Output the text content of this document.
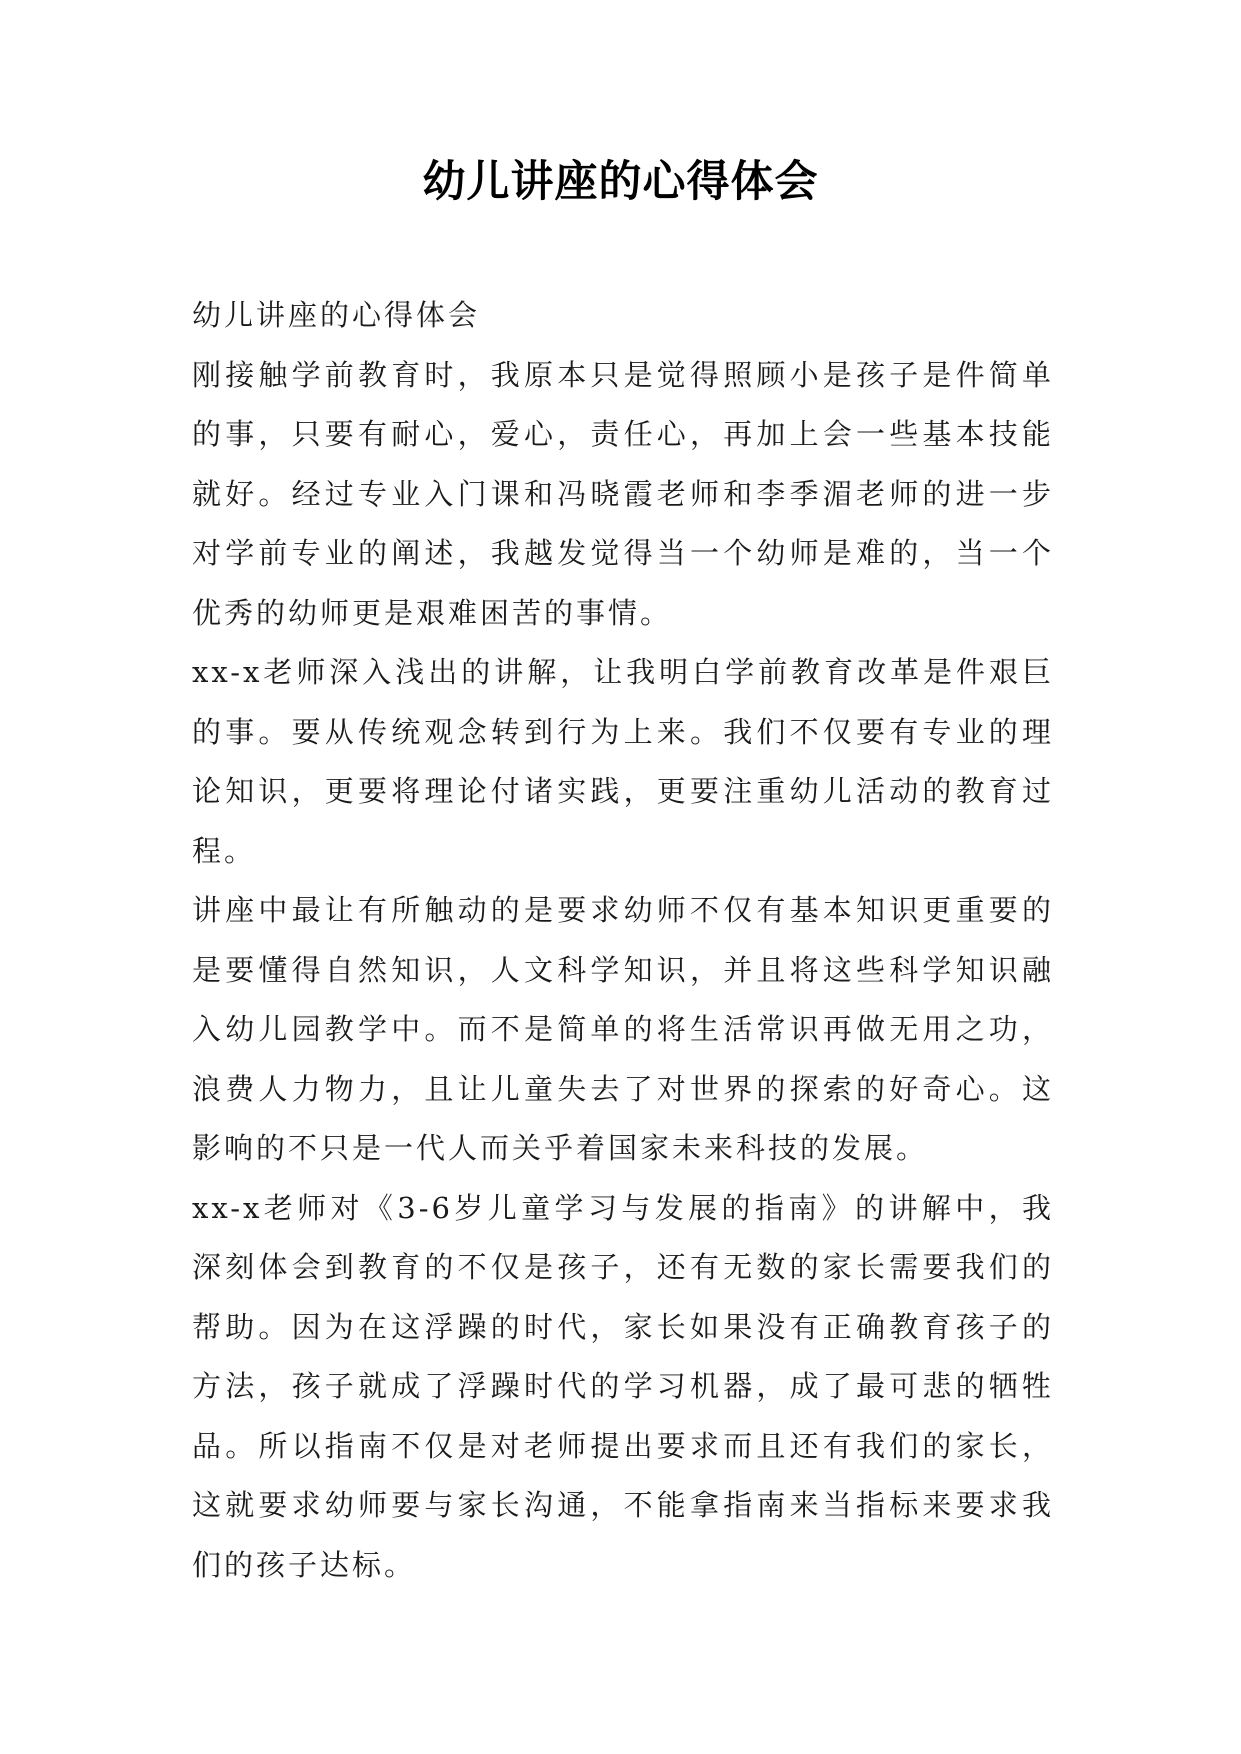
幼儿讲座的心得体会

幼儿讲座的心得体会

刚接触学前教育时，我原本只是觉得照顾小是孩子是件简单的事，只要有耐心，爱心，责任心，再加上会一些基本技能就好。经过专业入门课和冯晓霞老师和李季湄老师的进一步对学前专业的阐述，我越发觉得当一个幼师是难的，当一个优秀的幼师更是艰难困苦的事情。

xx-x老师深入浅出的讲解，让我明白学前教育改革是件艰巨的事。要从传统观念转到行为上来。我们不仅要有专业的理论知识，更要将理论付诸实践，更要注重幼儿活动的教育过程。

讲座中最让有所触动的是要求幼师不仅有基本知识更重要的是要懂得自然知识，人文科学知识，并且将这些科学知识融入幼儿园教学中。而不是简单的将生活常识再做无用之功，浪费人力物力，且让儿童失去了对世界的探索的好奇心。这影响的不只是一代人而关乎着国家未来科技的发展。

xx-x老师对《3-6岁儿童学习与发展的指南》的讲解中，我深刻体会到教育的不仅是孩子，还有无数的家长需要我们的帮助。因为在这浮躁的时代，家长如果没有正确教育孩子的方法，孩子就成了浮躁时代的学习机器，成了最可悲的牺牲品。所以指南不仅是对老师提出要求而且还有我们的家长，这就要求幼师要与家长沟通，不能拿指南来当指标来要求我们的孩子达标。
